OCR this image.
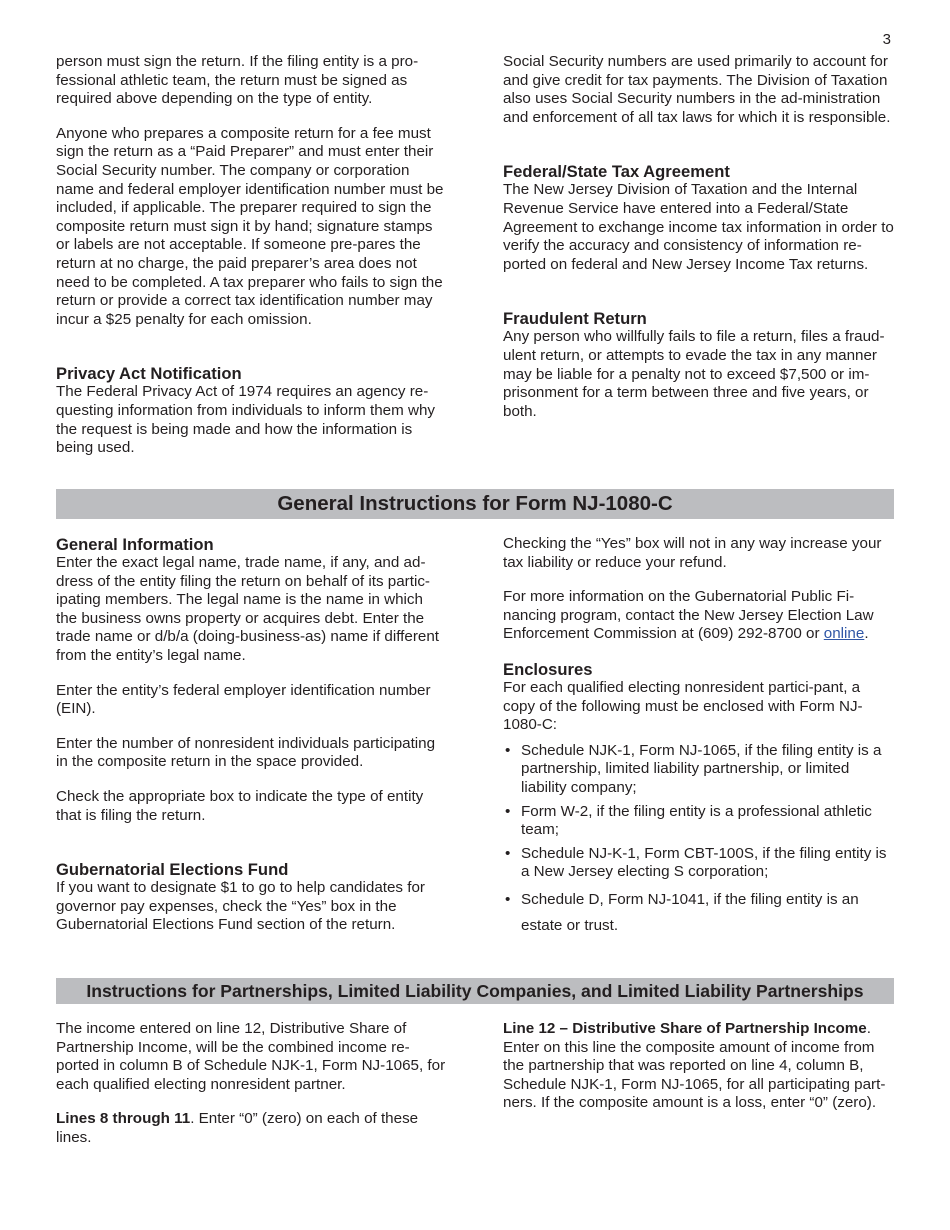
3

person must sign the return. If the filing entity is a pro-fessional athletic team, the return must be signed as required above depending on the type of entity.

Anyone who prepares a composite return for a fee must sign the return as a “Paid Preparer” and must enter their Social Security number. The company or corporation name and federal employer identification number must be included, if applicable. The preparer required to sign the composite return must sign it by hand; signature stamps or labels are not acceptable. If someone pre-pares the return at no charge, the paid preparer’s area does not need to be completed. A tax preparer who fails to sign the return or provide a correct tax identification number may incur a $25 penalty for each omission.

Privacy Act Notification

The Federal Privacy Act of 1974 requires an agency re-questing information from individuals to inform them why the request is being made and how the information is being used.

Social Security numbers are used primarily to account for and give credit for tax payments. The Division of Taxation also uses Social Security numbers in the ad-ministration and enforcement of all tax laws for which it is responsible.

Federal/State Tax Agreement

The New Jersey Division of Taxation and the Internal Revenue Service have entered into a Federal/State Agreement to exchange income tax information in order to verify the accuracy and consistency of information re-ported on federal and New Jersey Income Tax returns.

Fraudulent Return

Any person who willfully fails to file a return, files a fraud-ulent return, or attempts to evade the tax in any manner may be liable for a penalty not to exceed $7,500 or im-prisonment for a term between three and five years, or both.

General Instructions for Form NJ-1080-C
General Information

Enter the exact legal name, trade name, if any, and ad-dress of the entity filing the return on behalf of its partic-ipating members. The legal name is the name in which the business owns property or acquires debt. Enter the trade name or d/b/a (doing-business-as) name if different from the entity’s legal name.

Enter the entity’s federal employer identification number (EIN).

Enter the number of nonresident individuals participating in the composite return in the space provided.

Check the appropriate box to indicate the type of entity that is filing the return.

Gubernatorial Elections Fund

If you want to designate $1 to go to help candidates for governor pay expenses, check the “Yes” box in the Gubernatorial Elections Fund section of the return.

Checking the “Yes” box will not in any way increase your tax liability or reduce your refund.

For more information on the Gubernatorial Public Fi-nancing program, contact the New Jersey Election Law Enforcement Commission at (609) 292-8700 or online.

Enclosures

For each qualified electing nonresident partici-pant, a copy of the following must be enclosed with Form NJ-1080-C:

• Schedule NJK-1, Form NJ-1065, if the filing entity is a partnership, limited liability partnership, or limited liability company;
• Form W-2, if the filing entity is a professional athletic team;
• Schedule NJ-K-1, Form CBT-100S, if the filing entity is a New Jersey electing S corporation;
• Schedule D, Form NJ-1041, if the filing entity is an estate or trust.
Instructions for Partnerships, Limited Liability Companies, and Limited Liability Partnerships

The income entered on line 12, Distributive Share of Partnership Income, will be the combined income re-ported in column B of Schedule NJK-1, Form NJ-1065, for each qualified electing nonresident partner.

Lines 8 through 11. Enter “0” (zero) on each of these lines.

Line 12 – Distributive Share of Partnership Income. Enter on this line the composite amount of income from the partnership that was reported on line 4, column B, Schedule NJK-1, Form NJ-1065, for all participating part-ners. If the composite amount is a loss, enter “0” (zero).
